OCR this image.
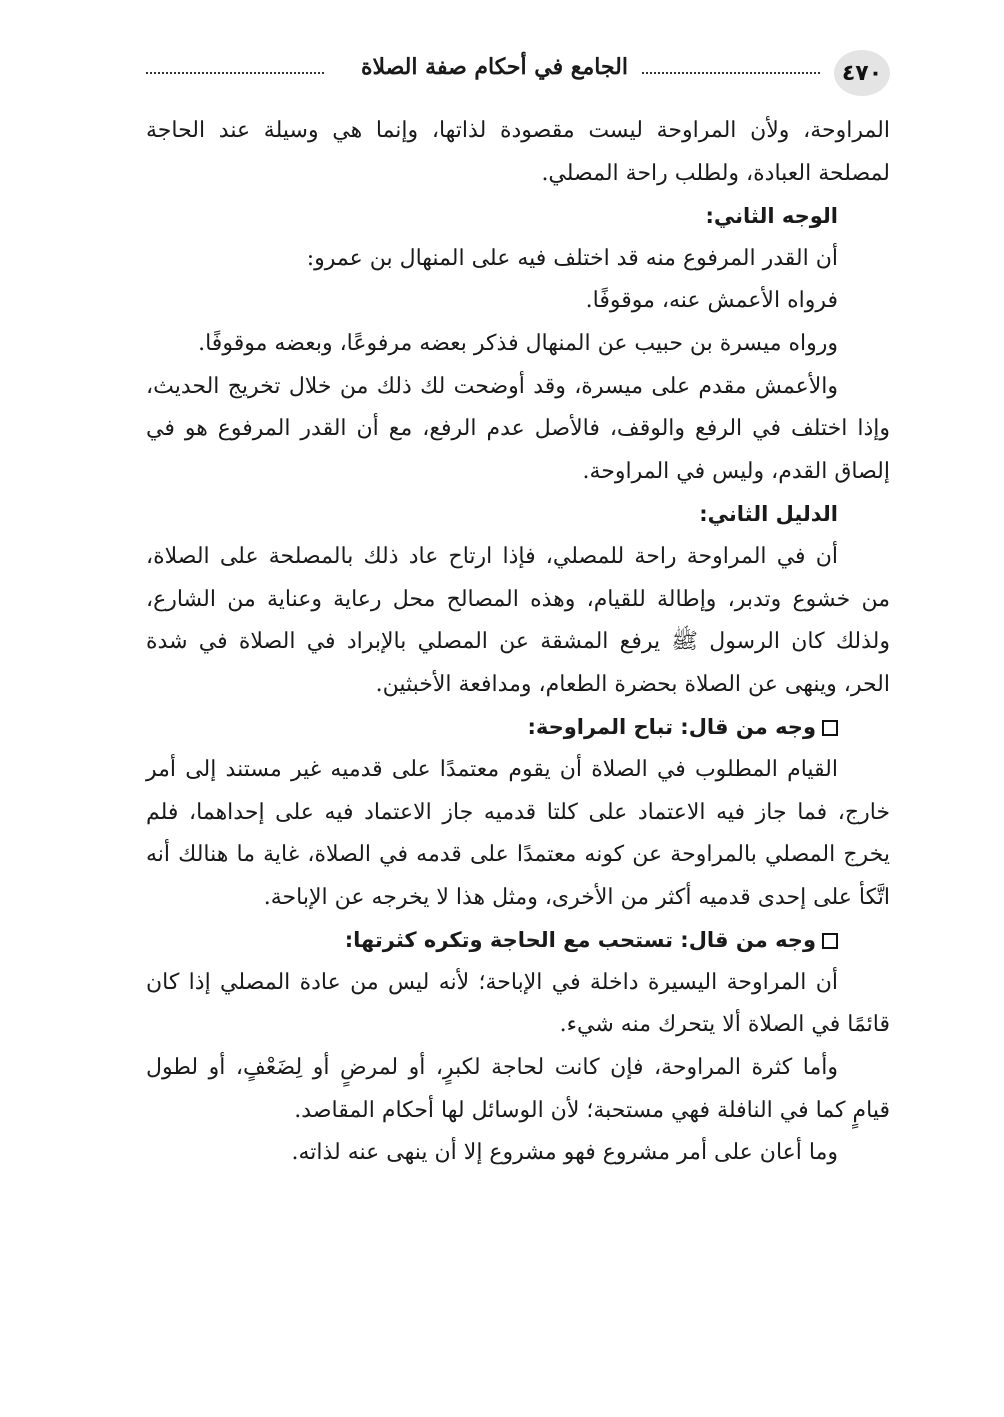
٤٧٠
الجامع في أحكام صفة الصلاة

المراوحة، ولأن المراوحة ليست مقصودة لذاتها، وإنما هي وسيلة عند الحاجة لمصلحة العبادة، ولطلب راحة المصلي.

الوجه الثاني:

أن القدر المرفوع منه قد اختلف فيه على المنهال بن عمرو:

فرواه الأعمش عنه، موقوفًا.

ورواه ميسرة بن حبيب عن المنهال فذكر بعضه مرفوعًا، وبعضه موقوفًا.

والأعمش مقدم على ميسرة، وقد أوضحت لك ذلك من خلال تخريج الحديث، وإذا اختلف في الرفع والوقف، فالأصل عدم الرفع، مع أن القدر المرفوع هو في إلصاق القدم، وليس في المراوحة.

الدليل الثاني:

أن في المراوحة راحة للمصلي، فإذا ارتاح عاد ذلك بالمصلحة على الصلاة، من خشوع وتدبر، وإطالة للقيام، وهذه المصالح محل رعاية وعناية من الشارع، ولذلك كان الرسول ﷺ يرفع المشقة عن المصلي بالإبراد في الصلاة في شدة الحر، وينهى عن الصلاة بحضرة الطعام، ومدافعة الأخبثين.

وجه من قال: تباح المراوحة:

القيام المطلوب في الصلاة أن يقوم معتمدًا على قدميه غير مستند إلى أمر خارج، فما جاز فيه الاعتماد على كلتا قدميه جاز الاعتماد فيه على إحداهما، فلم يخرج المصلي بالمراوحة عن كونه معتمدًا على قدمه في الصلاة، غاية ما هنالك أنه اتَّكأ على إحدى قدميه أكثر من الأخرى، ومثل هذا لا يخرجه عن الإباحة.

وجه من قال: تستحب مع الحاجة وتكره كثرتها:

أن المراوحة اليسيرة داخلة في الإباحة؛ لأنه ليس من عادة المصلي إذا كان قائمًا في الصلاة ألا يتحرك منه شيء.

وأما كثرة المراوحة، فإن كانت لحاجة لكبرٍ، أو لمرضٍ أو لِضَعْفٍ، أو لطول قيامٍ كما في النافلة فهي مستحبة؛ لأن الوسائل لها أحكام المقاصد.

وما أعان على أمر مشروع فهو مشروع إلا أن ينهى عنه لذاته.
